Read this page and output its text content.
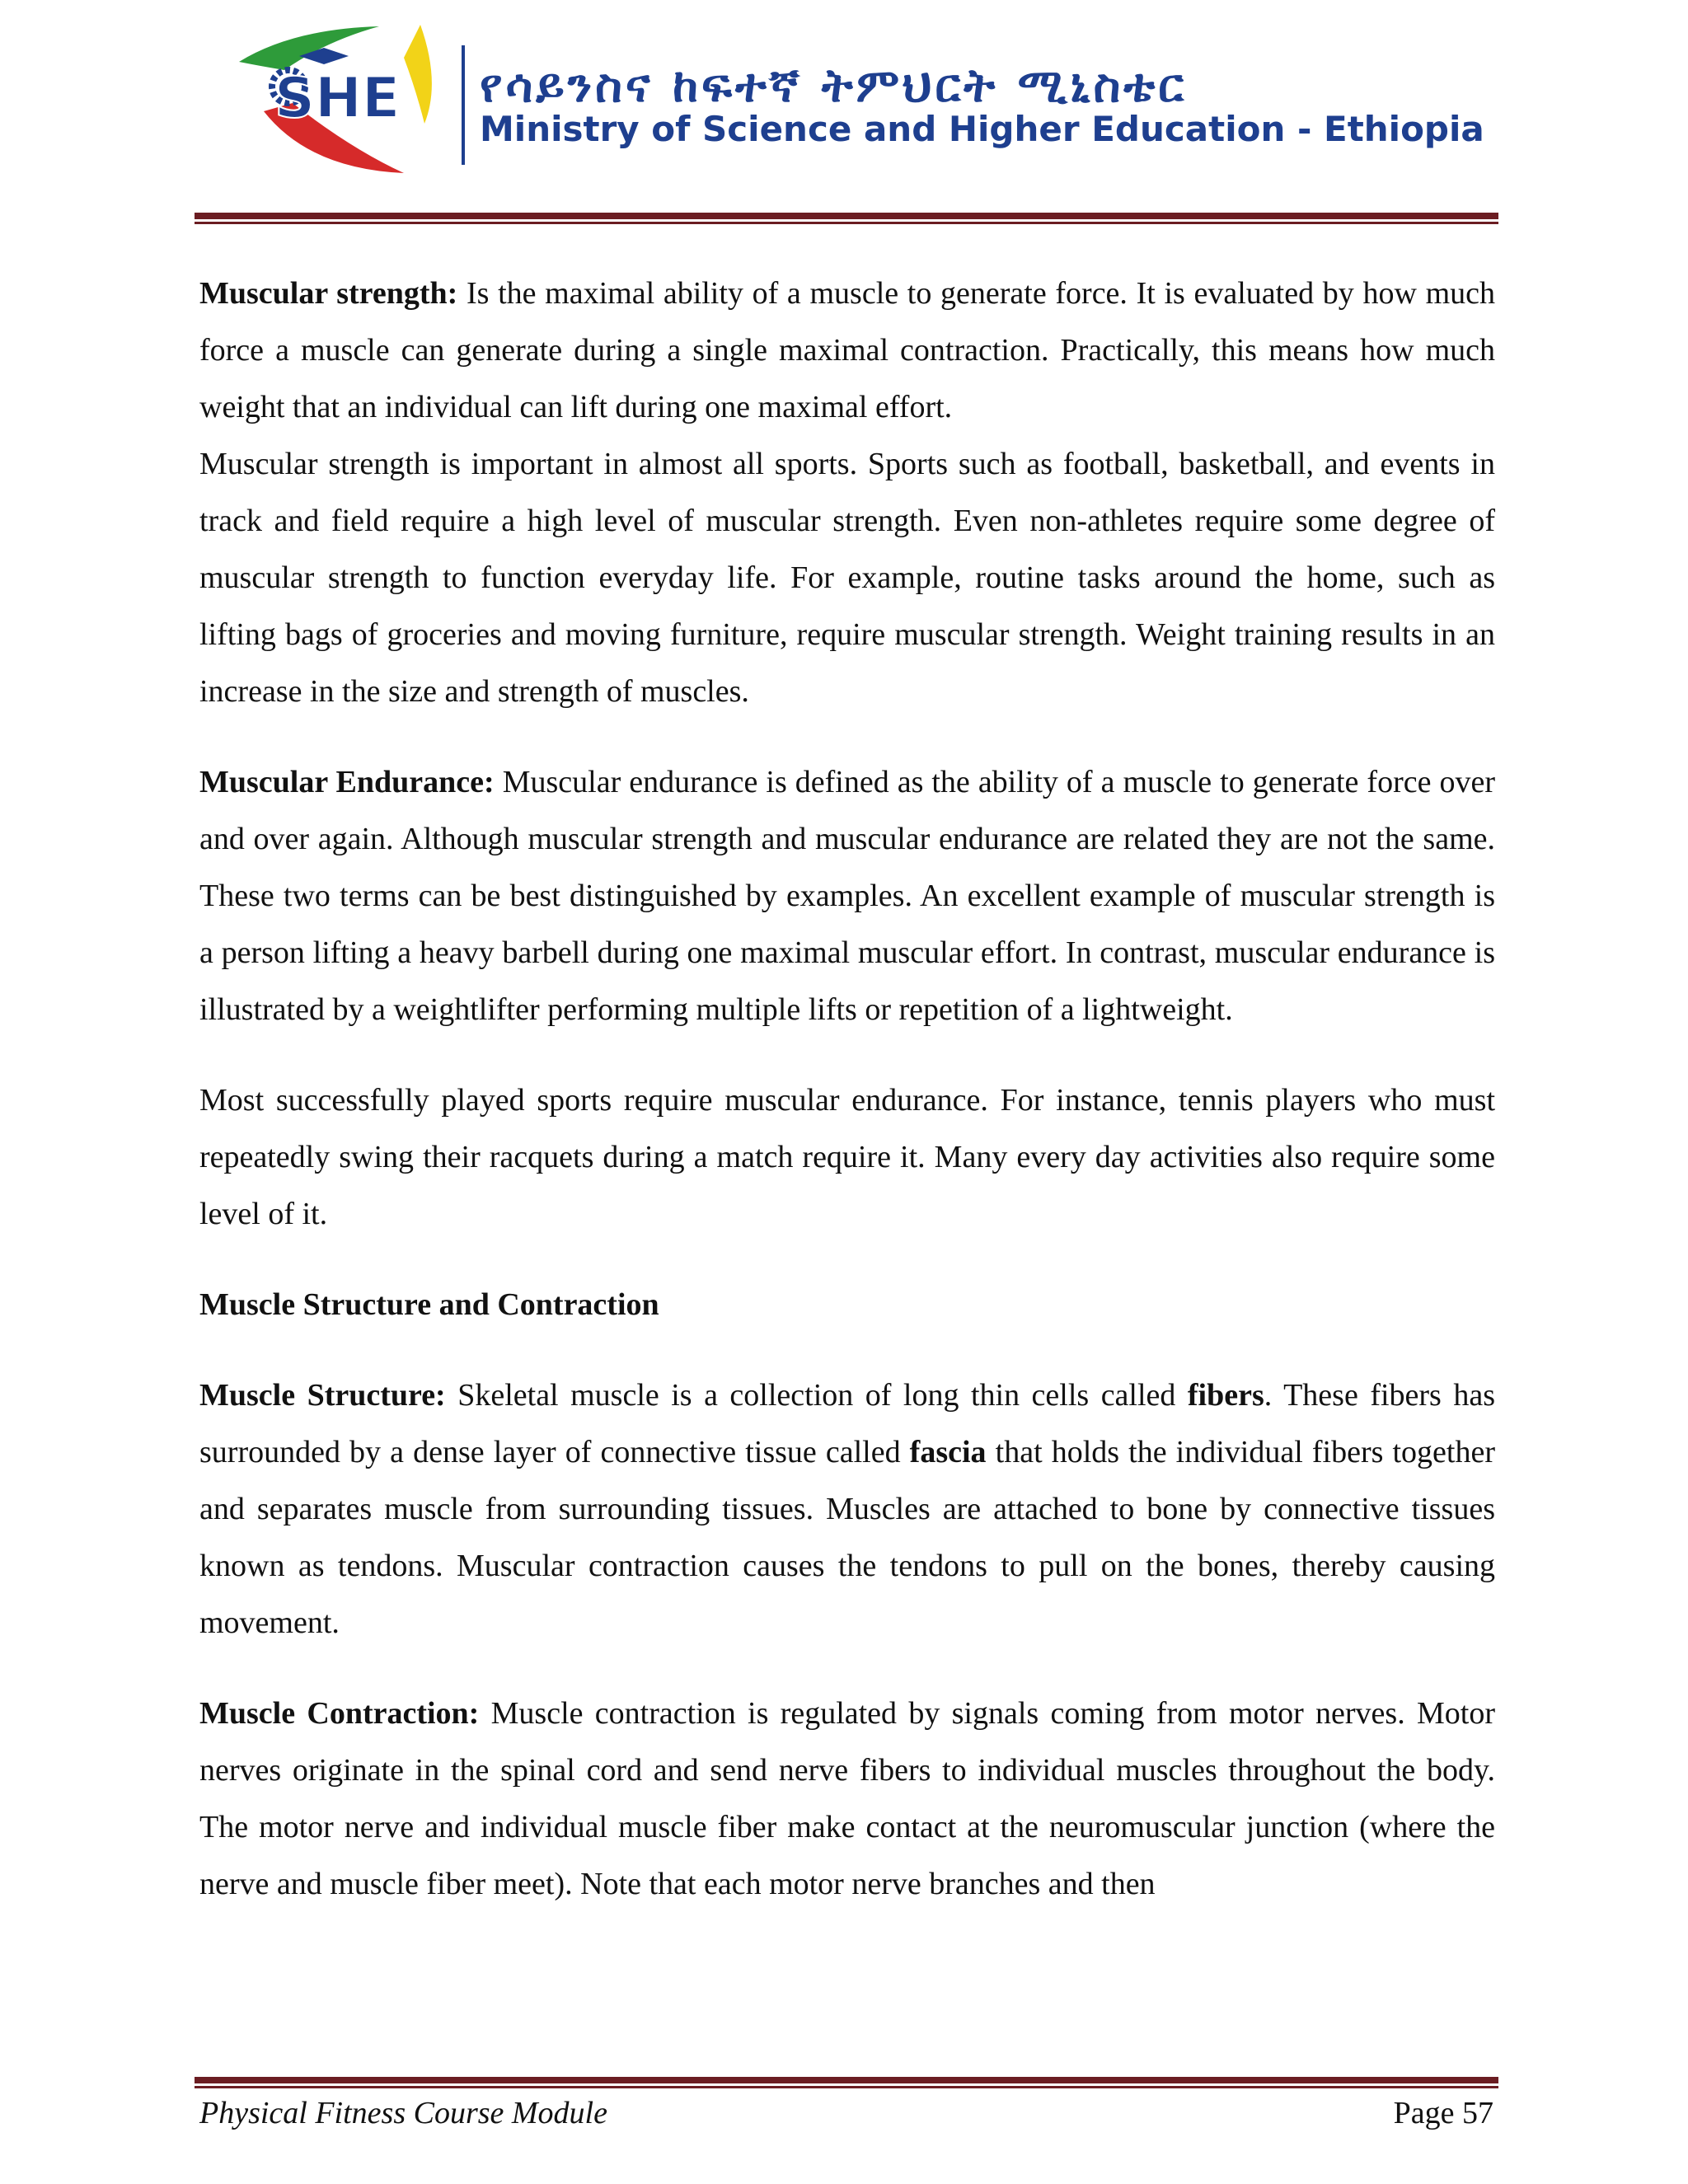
SHE የሳይንስና ከፍተኛ ትምህርት ሚኒስቴር
Ministry of Science and Higher Education - Ethiopia

Muscular strength: Is the maximal ability of a muscle to generate force. It is evaluated by how much force a muscle can generate during a single maximal contraction. Practically, this means how much weight that an individual can lift during one maximal effort.

Muscular strength is important in almost all sports. Sports such as football, basketball, and events in track and field require a high level of muscular strength. Even non-athletes require some degree of muscular strength to function everyday life. For example, routine tasks around the home, such as lifting bags of groceries and moving furniture, require muscular strength. Weight training results in an increase in the size and strength of muscles.

Muscular Endurance: Muscular endurance is defined as the ability of a muscle to generate force over and over again. Although muscular strength and muscular endurance are related they are not the same. These two terms can be best distinguished by examples. An excellent example of muscular strength is a person lifting a heavy barbell during one maximal muscular effort. In contrast, muscular endurance is illustrated by a weightlifter performing multiple lifts or repetition of a lightweight.

Most successfully played sports require muscular endurance. For instance, tennis players who must repeatedly swing their racquets during a match require it. Many every day activities also require some level of it.

Muscle Structure and Contraction

Muscle Structure: Skeletal muscle is a collection of long thin cells called fibers. These fibers has surrounded by a dense layer of connective tissue called fascia that holds the individual fibers together and separates muscle from surrounding tissues. Muscles are attached to bone by connective tissues known as tendons. Muscular contraction causes the tendons to pull on the bones, thereby causing movement.

Muscle Contraction: Muscle contraction is regulated by signals coming from motor nerves. Motor nerves originate in the spinal cord and send nerve fibers to individual muscles throughout the body. The motor nerve and individual muscle fiber make contact at the neuromuscular junction (where the nerve and muscle fiber meet). Note that each motor nerve branches and then

Physical Fitness Course Module	Page 57
